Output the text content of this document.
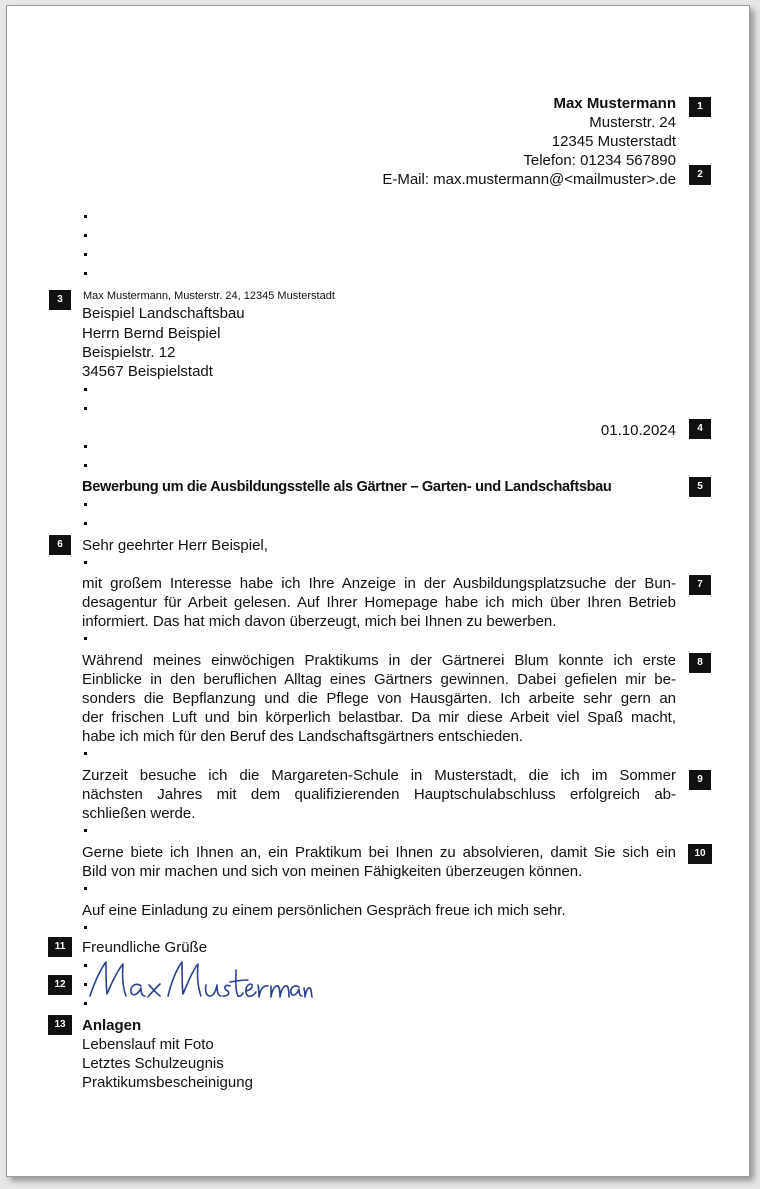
Max Mustermann
Musterstr. 24
12345 Musterstadt
Telefon: 01234 567890
E-Mail: max.mustermann@<mailmuster>.de
1
2
3	Max Mustermann, Musterstr. 24, 12345 Musterstadt
Beispiel Landschaftsbau
Herrn Bernd Beispiel
Beispielstr. 12
34567 Beispielstadt
01.10.2024	4
Bewerbung um die Ausbildungsstelle als Gärtner – Garten- und Landschaftsbau	5
6	Sehr geehrter Herr Beispiel,
mit großem Interesse habe ich Ihre Anzeige in der Ausbildungsplatzsuche der Bun-
desagentur für Arbeit gelesen. Auf Ihrer Homepage habe ich mich über Ihren Betrieb
informiert. Das hat mich davon überzeugt, mich bei Ihnen zu bewerben.
7
Während meines einwöchigen Praktikums in der Gärtnerei Blum konnte ich erste
Einblicke in den beruflichen Alltag eines Gärtners gewinnen. Dabei gefielen mir be-
sonders die Bepflanzung und die Pflege von Hausgärten. Ich arbeite sehr gern an
der frischen Luft und bin körperlich belastbar. Da mir diese Arbeit viel Spaß macht,
habe ich mich für den Beruf des Landschaftsgärtners entschieden.
8
Zurzeit besuche ich die Margareten-Schule in Musterstadt, die ich im Sommer
nächsten Jahres mit dem qualifizierenden Hauptschulabschluss erfolgreich ab-
schließen werde.
9
Gerne biete ich Ihnen an, ein Praktikum bei Ihnen zu absolvieren, damit Sie sich ein
Bild von mir machen und sich von meinen Fähigkeiten überzeugen können.
10
Auf eine Einladung zu einem persönlichen Gespräch freue ich mich sehr.
11	Freundliche Grüße
12
13	Anlagen
Lebenslauf mit Foto
Letztes Schulzeugnis
Praktikumsbescheinigung
